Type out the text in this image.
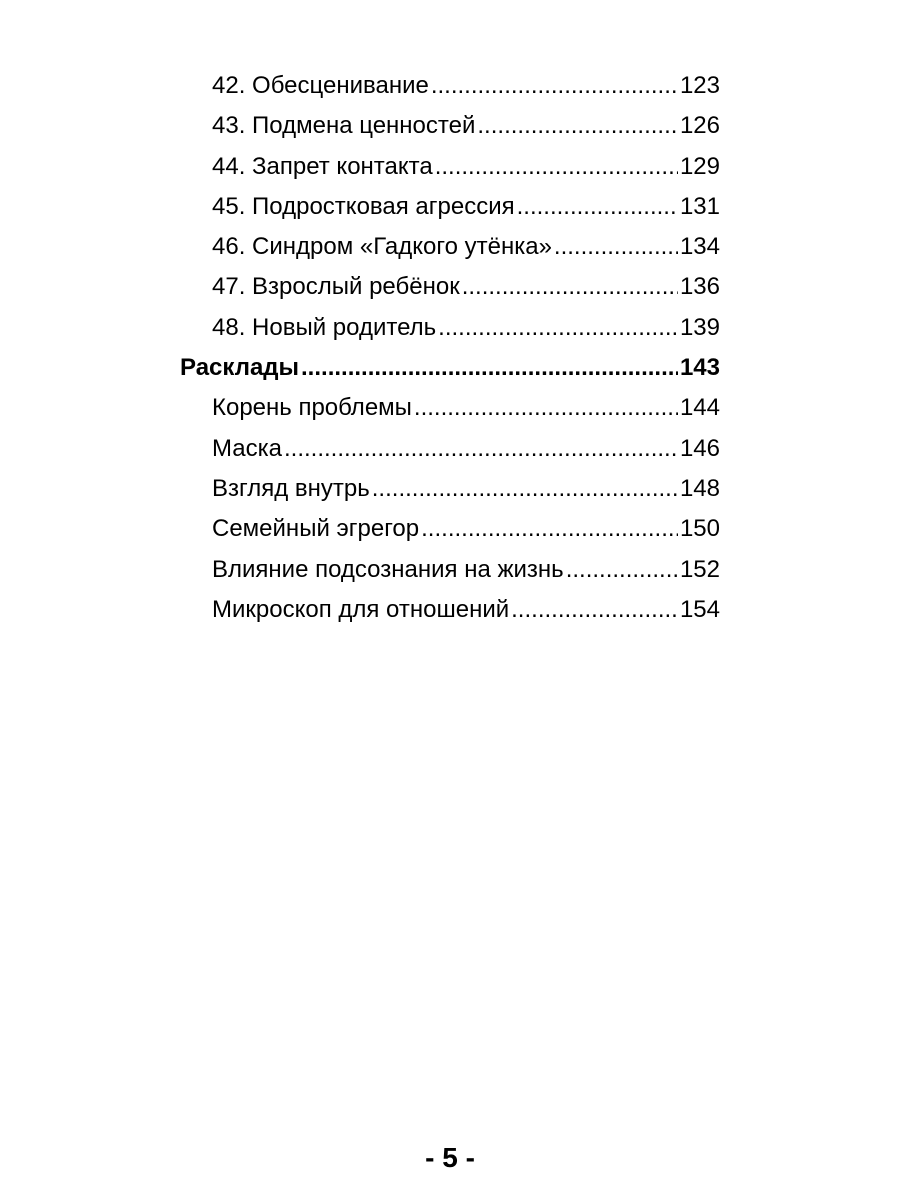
42. Обесценивание .....	123
43. Подмена ценностей .....	126
44. Запрет контакта .....	129
45. Подростковая агрессия .....	131
46. Синдром «Гадкого утёнка» .....	134
47. Взрослый ребёнок .....	136
48. Новый родитель .....	139
Расклады .....	143
Корень проблемы .....	144
Маска .....	146
Взгляд внутрь .....	148
Семейный эгрегор .....	150
Влияние подсознания на жизнь .....	152
Микроскоп для отношений .....	154
- 5 -
